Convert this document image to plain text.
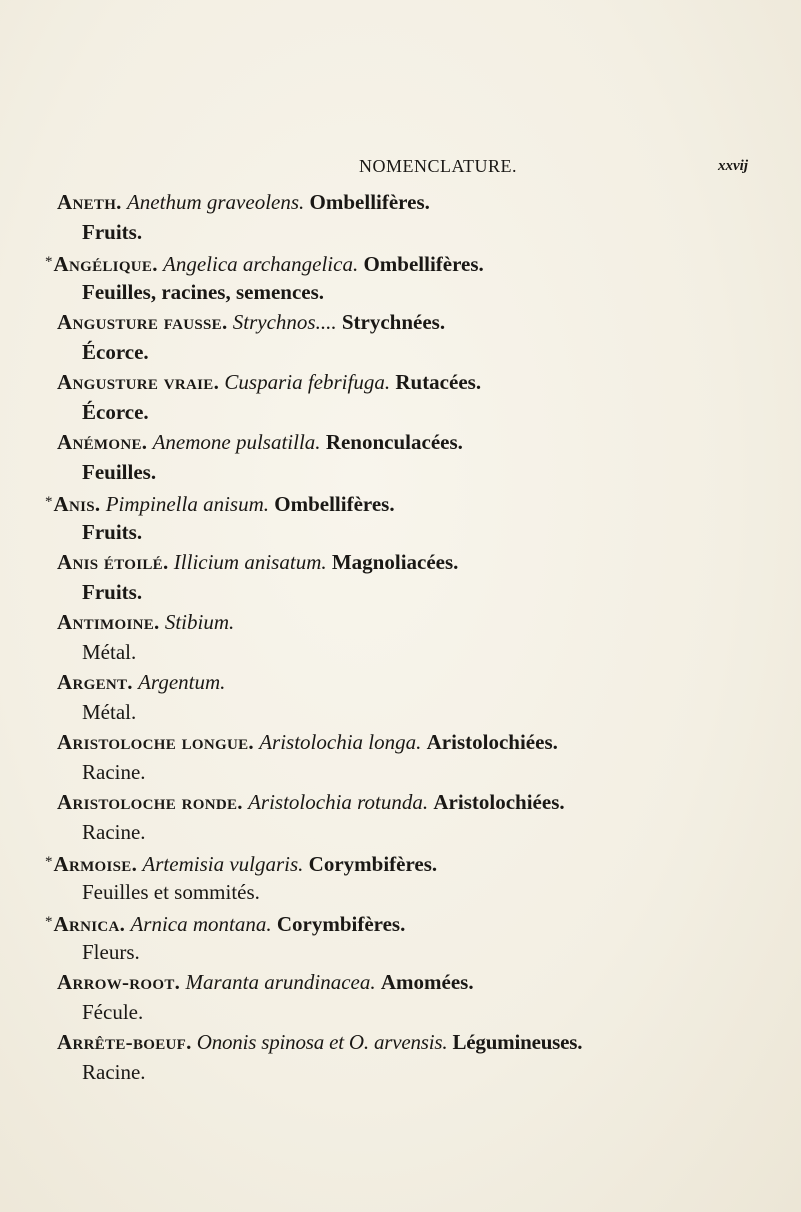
NOMENCLATURE.	xxvij
Aneth. Anethum graveolens. Ombellifères.
Fruits.
*Angélique. Angelica archangelica. Ombellifères.
Feuilles, racines, semences.
Angusture fausse. Strychnos.... Strychnées.
Écorce.
Angusture vraie. Cusparia febrifuga. Rutacées.
Écorce.
Anémone. Anemone pulsatilla. Renonculacées.
Feuilles.
*Anis. Pimpinella anisum. Ombellifères.
Fruits.
Anis étoilé. Illicium anisatum. Magnoliacées.
Fruits.
Antimoine. Stibium.
Métal.
Argent. Argentum.
Métal.
Aristoloche longue. Aristolochia longa. Aristolochiées.
Racine.
Aristoloche ronde. Aristolochia rotunda. Aristolochiées.
Racine.
*Armoise. Artemisia vulgaris. Corymbifères.
Feuilles et sommités.
*Arnica. Arnica montana. Corymbifères.
Fleurs.
Arrow-root. Maranta arundinacea. Amomées.
Fécule.
Arrête-boeuf. Ononis spinosa et O. arvensis. Légumineuses.
Racine.
